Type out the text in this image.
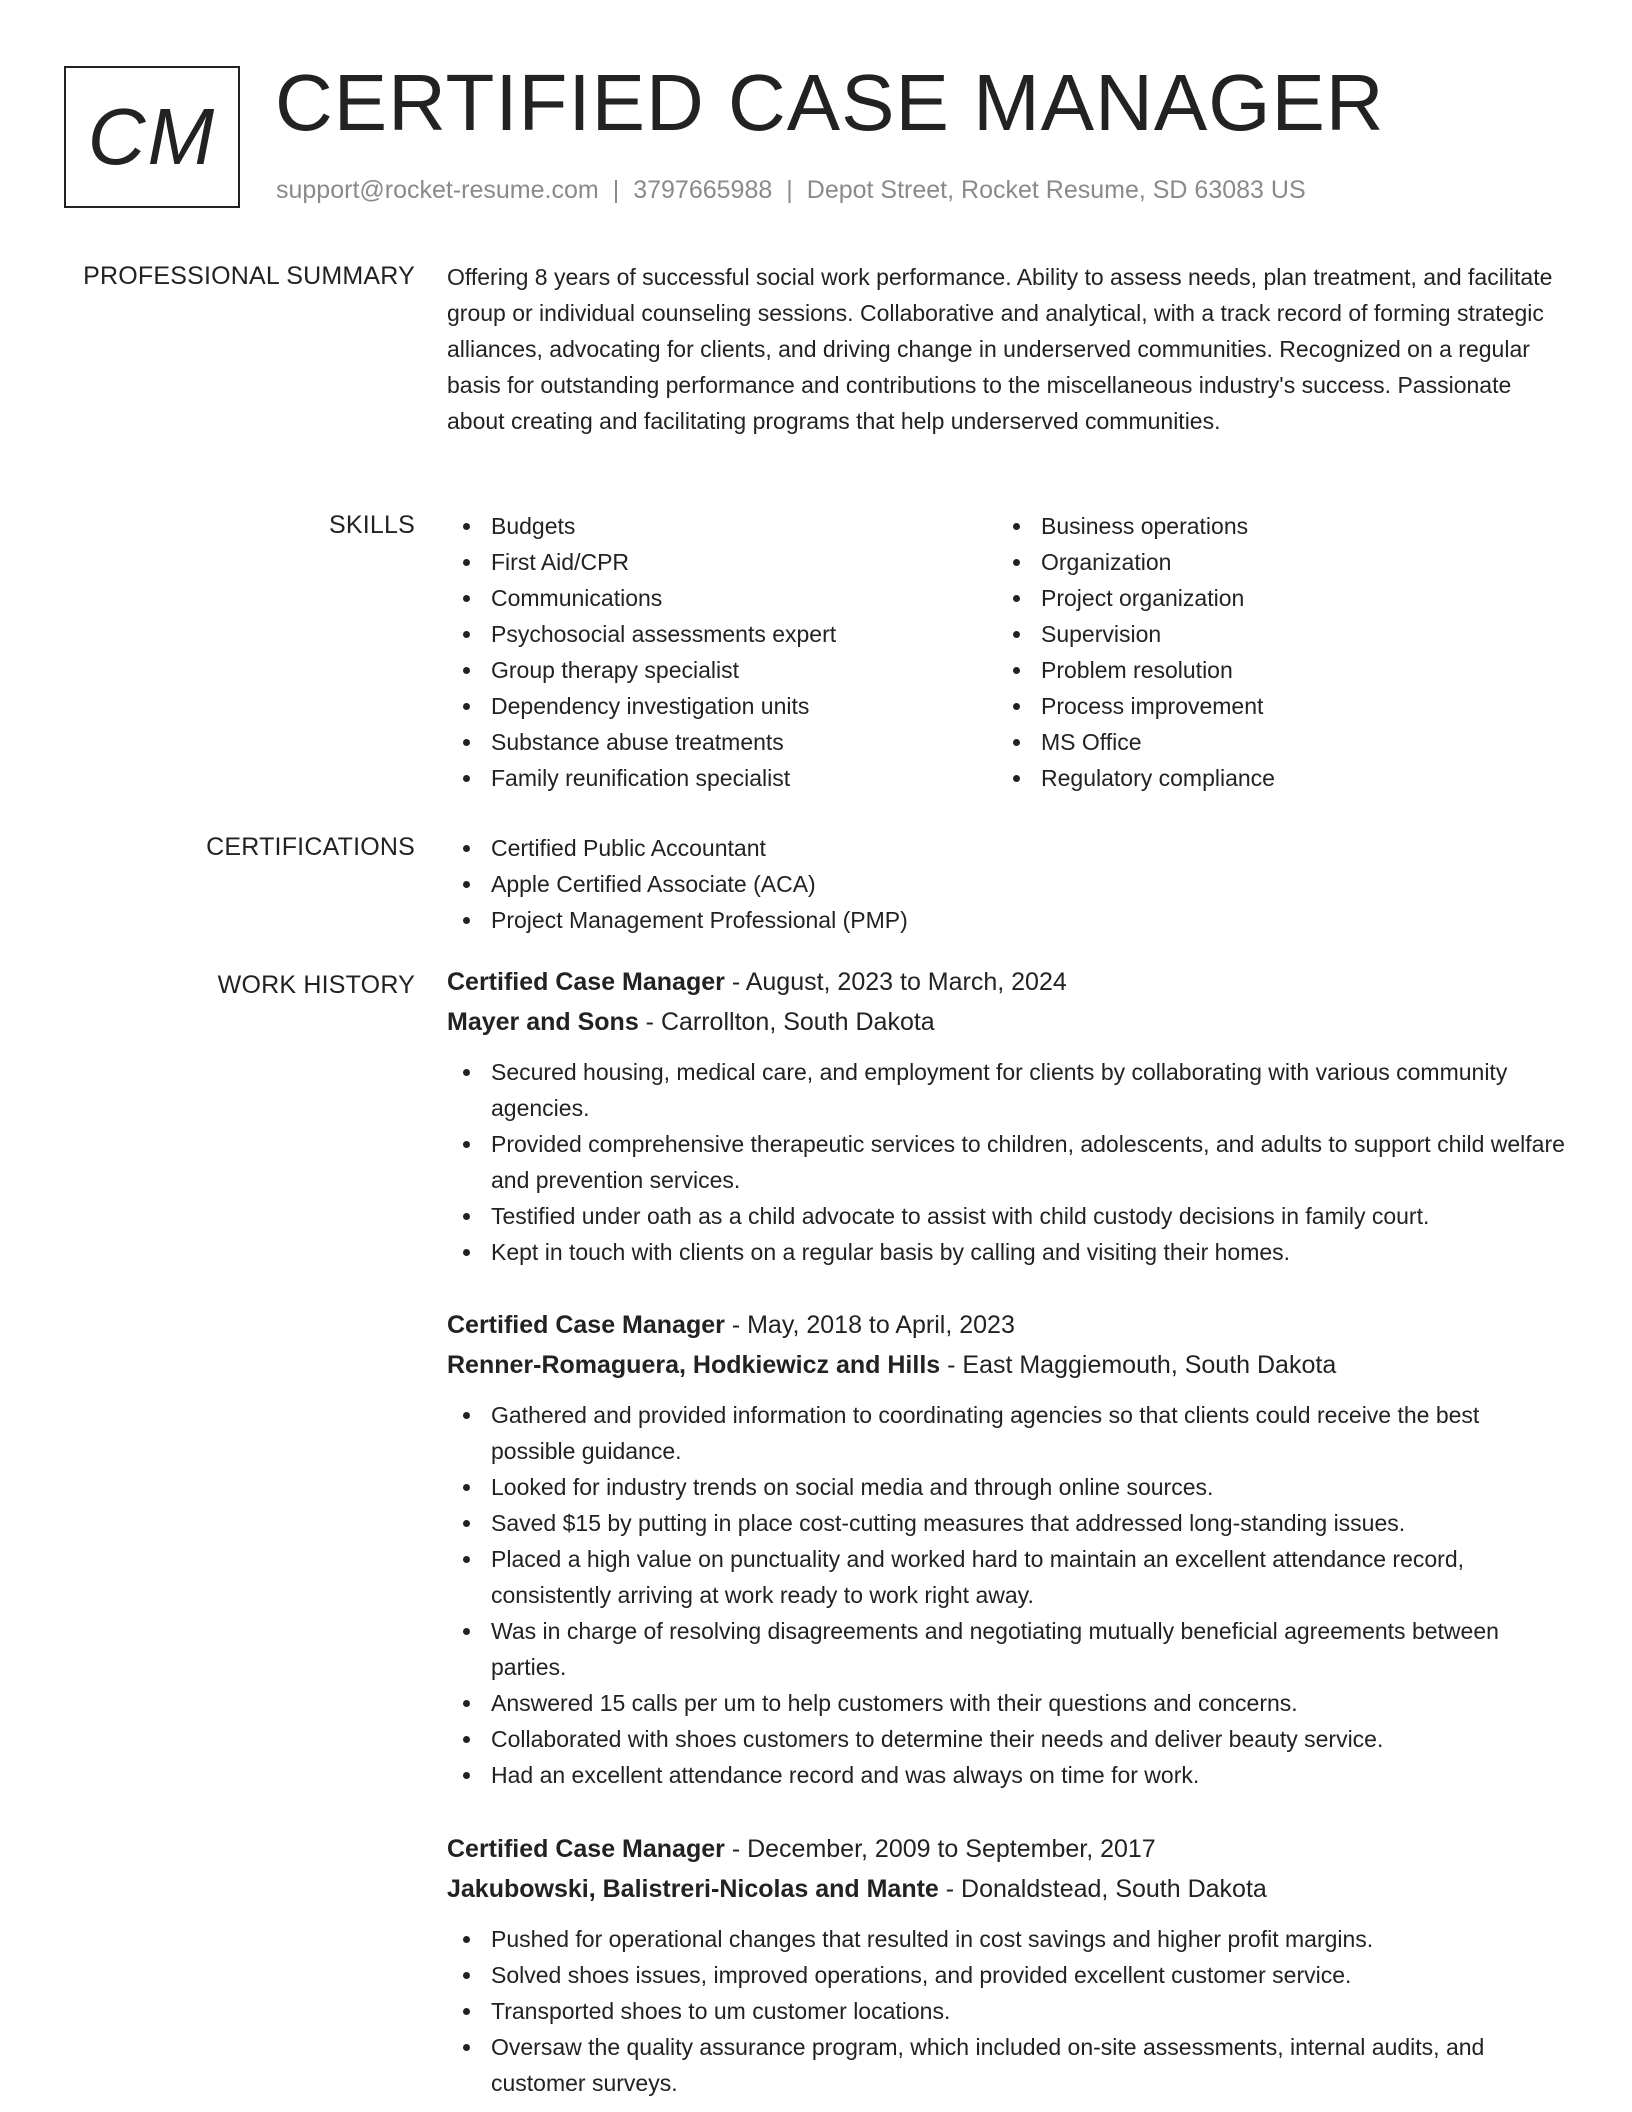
CM CERTIFIED CASE MANAGER
support@rocket-resume.com | 3797665988 | Depot Street, Rocket Resume, SD 63083 US
PROFESSIONAL SUMMARY Offering 8 years of successful social work performance. Ability to assess needs, plan treatment, and facilitate group or individual counseling sessions. Collaborative and analytical, with a track record of forming strategic alliances, advocating for clients, and driving change in underserved communities. Recognized on a regular basis for outstanding performance and contributions to the miscellaneous industry's success. Passionate about creating and facilitating programs that help underserved communities.
SKILLS	Budgets
First Aid/CPR
Communications
Psychosocial assessments expert
Group therapy specialist
Dependency investigation units
Substance abuse treatments
Family reunification specialist
Business operations
Organization
Project organization
Supervision
Problem resolution
Process improvement
MS Office
Regulatory compliance
CERTIFICATIONS	Certified Public Accountant
Apple Certified Associate (ACA)
Project Management Professional (PMP)
WORK HISTORY Certified Case Manager - August, 2023 to March, 2024
Mayer and Sons - Carrollton, South Dakota
Secured housing, medical care, and employment for clients by collaborating with various community agencies.
Provided comprehensive therapeutic services to children, adolescents, and adults to support child welfare and prevention services.
Testified under oath as a child advocate to assist with child custody decisions in family court.
Kept in touch with clients on a regular basis by calling and visiting their homes.
Certified Case Manager - May, 2018 to April, 2023
Renner-Romaguera, Hodkiewicz and Hills - East Maggiemouth, South Dakota
Gathered and provided information to coordinating agencies so that clients could receive the best possible guidance.
Looked for industry trends on social media and through online sources.
Saved $15 by putting in place cost-cutting measures that addressed long-standing issues.
Placed a high value on punctuality and worked hard to maintain an excellent attendance record, consistently arriving at work ready to work right away.
Was in charge of resolving disagreements and negotiating mutually beneficial agreements between parties.
Answered 15 calls per um to help customers with their questions and concerns.
Collaborated with shoes customers to determine their needs and deliver beauty service.
Had an excellent attendance record and was always on time for work.
Certified Case Manager - December, 2009 to September, 2017
Jakubowski, Balistreri-Nicolas and Mante - Donaldstead, South Dakota
Pushed for operational changes that resulted in cost savings and higher profit margins.
Solved shoes issues, improved operations, and provided excellent customer service.
Transported shoes to um customer locations.
Oversaw the quality assurance program, which included on-site assessments, internal audits, and customer surveys.
